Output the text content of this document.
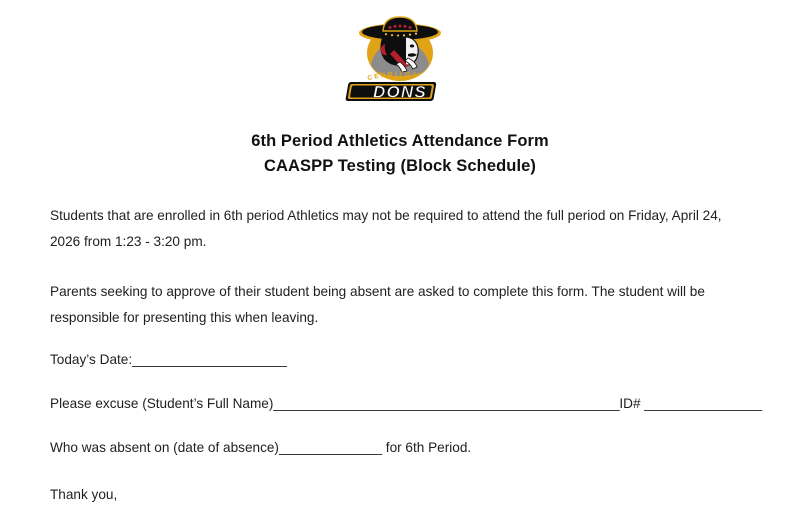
CERRITOS
DONS
6th Period Athletics Attendance Form
CAASPP Testing (Block Schedule)

Students that are enrolled in 6th period Athletics may not be required to attend the full period on Friday, April 24, 2026 from 1:23 - 3:20 pm.

Parents seeking to approve of their student being absent are asked to complete this form. The student will be responsible for presenting this when leaving.

Today’s Date:_____________________
Please excuse (Student’s Full Name)_______________________________________________ID# ________________
Who was absent on (date of absence)______________ for 6th Period.
Thank you,
